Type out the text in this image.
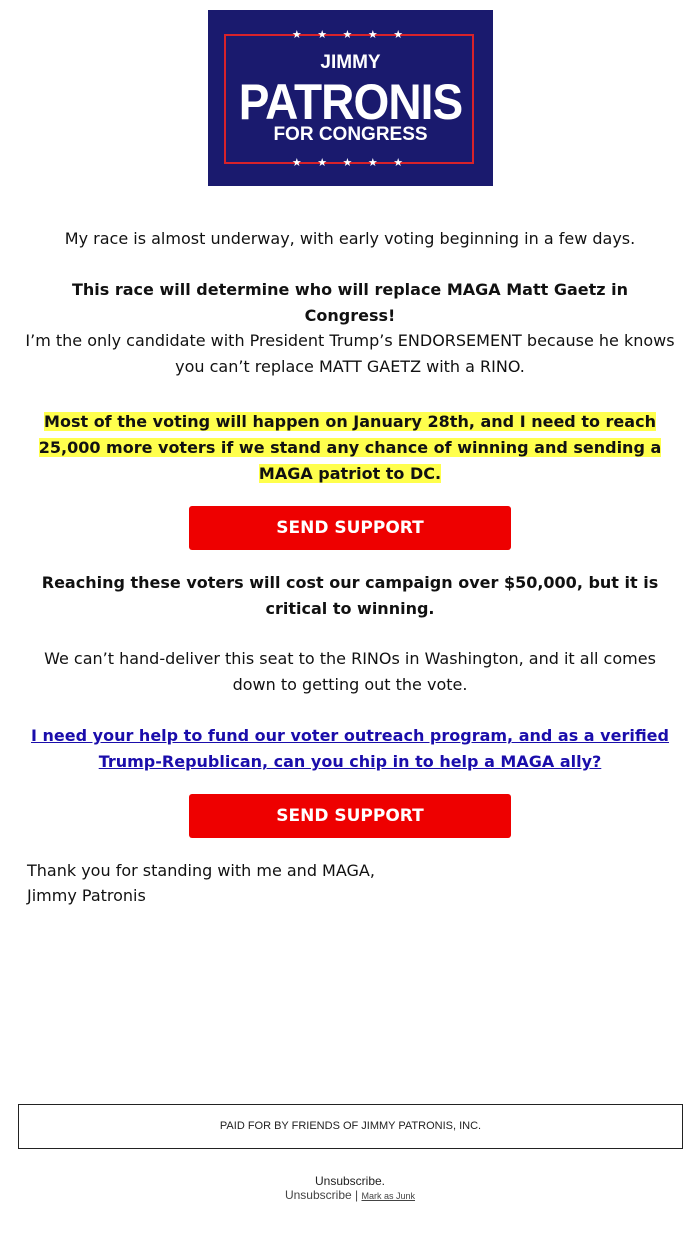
★ ★ ★ ★ ★
JIMMY
PATRONIS
FOR CONGRESS
★ ★ ★ ★ ★

My race is almost underway, with early voting beginning in a few days.

This race will determine who will replace MAGA Matt Gaetz in Congress!

I’m the only candidate with President Trump’s ENDORSEMENT because he knows you can’t replace MATT GAETZ with a RINO.

Most of the voting will happen on January 28th, and I need to reach 25,000 more voters if we stand any chance of winning and sending a MAGA patriot to DC.

SEND SUPPORT

Reaching these voters will cost our campaign over $50,000, but it is critical to winning.

We can’t hand-deliver this seat to the RINOs in Washington, and it all comes down to getting out the vote.

I need your help to fund our voter outreach program, and as a verified Trump-Republican, can you chip in to help a MAGA ally?

SEND SUPPORT
Thank you for standing with me and MAGA,
Jimmy Patronis
PAID FOR BY FRIENDS OF JIMMY PATRONIS, INC.
Unsubscribe.
Unsubscribe | Mark as Junk
